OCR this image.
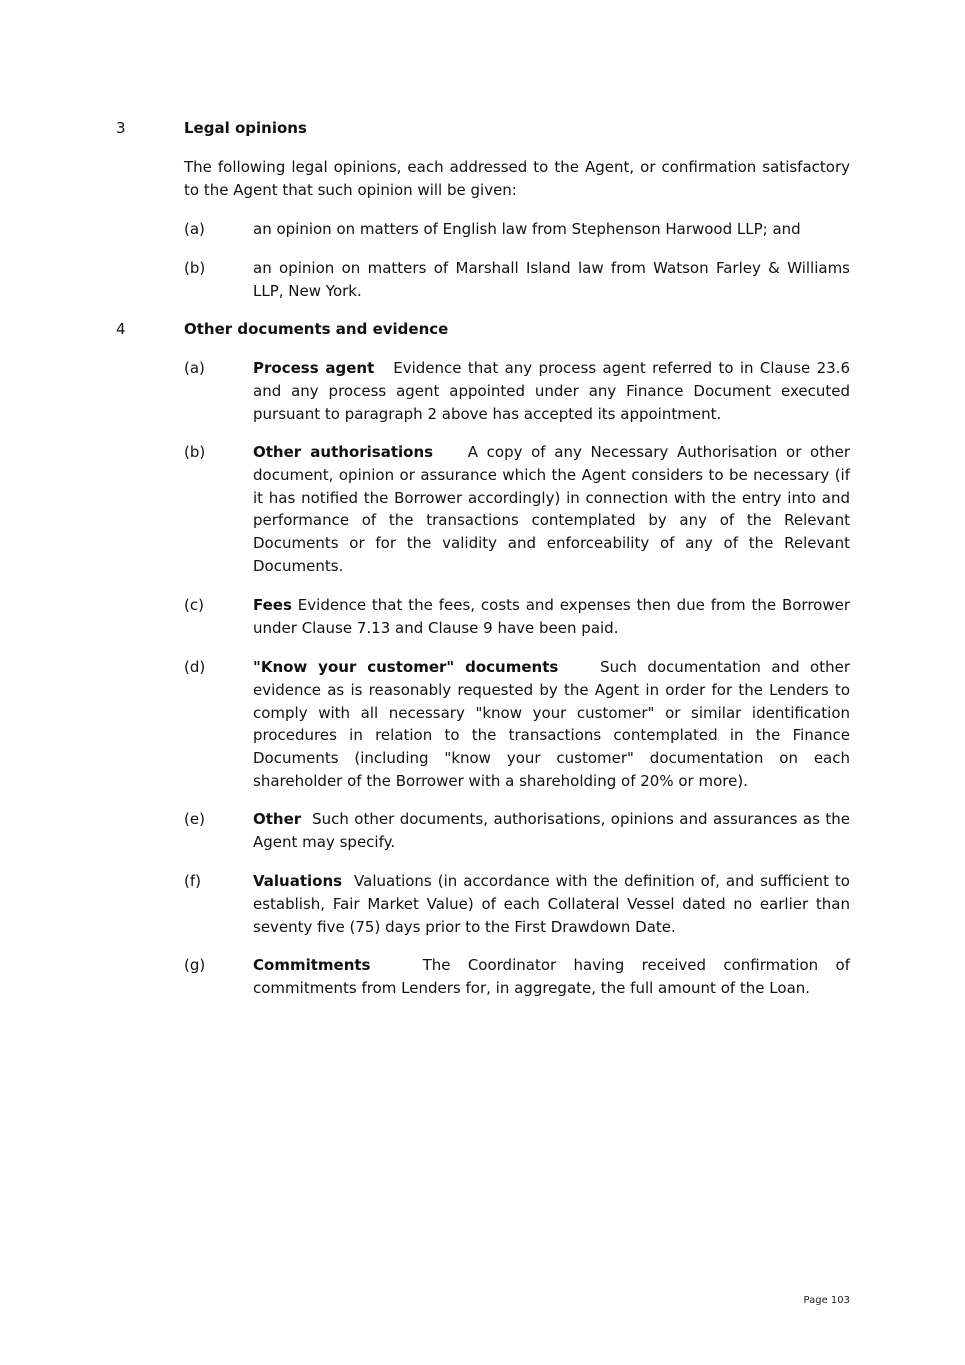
3	Legal opinions
The following legal opinions, each addressed to the Agent, or confirmation satisfactory to the Agent that such opinion will be given:
(a)	an opinion on matters of English law from Stephenson Harwood LLP; and
(b)	an opinion on matters of Marshall Island law from Watson Farley & Williams LLP, New York.
4	Other documents and evidence
(a)	Process agent Evidence that any process agent referred to in Clause 23.6 and any process agent appointed under any Finance Document executed pursuant to paragraph 2 above has accepted its appointment.
(b)	Other authorisations A copy of any Necessary Authorisation or other document, opinion or assurance which the Agent considers to be necessary (if it has notified the Borrower accordingly) in connection with the entry into and performance of the transactions contemplated by any of the Relevant Documents or for the validity and enforceability of any of the Relevant Documents.
(c)	Fees Evidence that the fees, costs and expenses then due from the Borrower under Clause 7.13 and Clause 9 have been paid.
(d)	"Know your customer" documents	Such documentation and other evidence as is reasonably requested by the Agent in order for the Lenders to comply with all necessary "know your customer" or similar identification procedures in relation to the transactions contemplated in the Finance Documents (including "know your customer" documentation on each shareholder of the Borrower with a shareholding of 20% or more).
(e)	Other Such other documents, authorisations, opinions and assurances as the Agent may specify.
(f)	Valuations Valuations (in accordance with the definition of, and sufficient to establish, Fair Market Value) of each Collateral Vessel dated no earlier than seventy five (75) days prior to the First Drawdown Date.
(g)	Commitments	The Coordinator having received confirmation of commitments from Lenders for, in aggregate, the full amount of the Loan.
Page 103
